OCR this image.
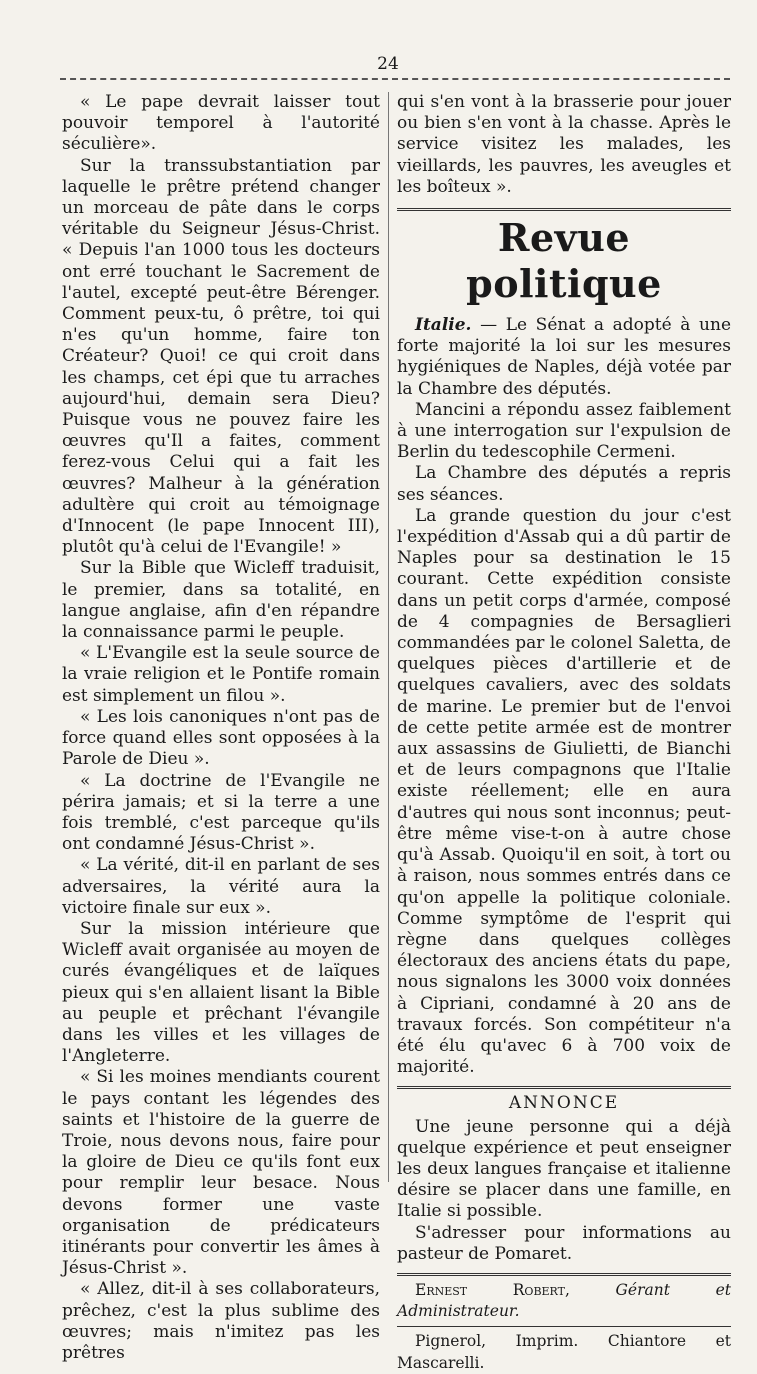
24

« Le pape devrait laisser tout pouvoir temporel à l'autorité séculière».

Sur la transsubstantiation par laquelle le prêtre prétend changer un morceau de pâte dans le corps véritable du Seigneur Jésus-Christ. « Depuis l'an 1000 tous les docteurs ont erré touchant le Sacrement de l'autel, excepté peut-être Bérenger. Comment peux-tu, ô prêtre, toi qui n'es qu'un homme, faire ton Créateur? Quoi! ce qui croit dans les champs, cet épi que tu arraches aujourd'hui, demain sera Dieu? Puisque vous ne pouvez faire les œuvres qu'Il a faites, comment ferez-vous Celui qui a fait les œuvres? Malheur à la génération adultère qui croit au témoignage d'Innocent (le pape Innocent III), plutôt qu'à celui de l'Evangile! »

Sur la Bible que Wicleff traduisit, le premier, dans sa totalité, en langue anglaise, afin d'en répandre la connaissance parmi le peuple.

« L'Evangile est la seule source de la vraie religion et le Pontife romain est simplement un filou ».

« Les lois canoniques n'ont pas de force quand elles sont opposées à la Parole de Dieu ».

« La doctrine de l'Evangile ne périra jamais; et si la terre a une fois tremblé, c'est parceque qu'ils ont condamné Jésus-Christ ».

« La vérité, dit-il en parlant de ses adversaires, la vérité aura la victoire finale sur eux ».

Sur la mission intérieure que Wicleff avait organisée au moyen de curés évangéliques et de laïques pieux qui s'en allaient lisant la Bible au peuple et prêchant l'évangile dans les villes et les villages de l'Angleterre.

« Si les moines mendiants courent le pays contant les légendes des saints et l'histoire de la guerre de Troie, nous devons nous, faire pour la gloire de Dieu ce qu'ils font eux pour remplir leur besace. Nous devons former une vaste organisation de prédicateurs itinérants pour convertir les âmes à Jésus-Christ ».

« Allez, dit-il à ses collaborateurs, prêchez, c'est la plus sublime des œuvres; mais n'imitez pas les prêtres

qui s'en vont à la brasserie pour jouer ou bien s'en vont à la chasse. Après le service visitez les malades, les vieillards, les pauvres, les aveugles et les boîteux ».

Revue politique

Italie. — Le Sénat a adopté à une forte majorité la loi sur les mesures hygiéniques de Naples, déjà votée par la Chambre des députés.

Mancini a répondu assez faiblement à une interrogation sur l'expulsion de Berlin du tedescophile Cermeni.

La Chambre des députés a repris ses séances.

La grande question du jour c'est l'expédition d'Assab qui a dû partir de Naples pour sa destination le 15 courant. Cette expédition consiste dans un petit corps d'armée, composé de 4 compagnies de Bersaglieri commandées par le colonel Saletta, de quelques pièces d'artillerie et de quelques cavaliers, avec des soldats de marine. Le premier but de l'envoi de cette petite armée est de montrer aux assassins de Giulietti, de Bianchi et de leurs compagnons que l'Italie existe réellement; elle en aura d'autres qui nous sont inconnus; peut-être même vise-t-on à autre chose qu'à Assab. Quoiqu'il en soit, à tort ou à raison, nous sommes entrés dans ce qu'on appelle la politique coloniale. Comme symptôme de l'esprit qui règne dans quelques collèges électoraux des anciens états du pape, nous signalons les 3000 voix données à Cipriani, condamné à 20 ans de travaux forcés. Son compétiteur n'a été élu qu'avec 6 à 700 voix de majorité.

ANNONCE

Une jeune personne qui a déjà quelque expérience et peut enseigner les deux langues française et italienne désire se placer dans une famille, en Italie si possible.

S'adresser pour informations au pasteur de Pomaret.

Ernest Robert,	Gérant et Administrateur.

Pignerol, Imprim. Chiantore et Mascarelli.
